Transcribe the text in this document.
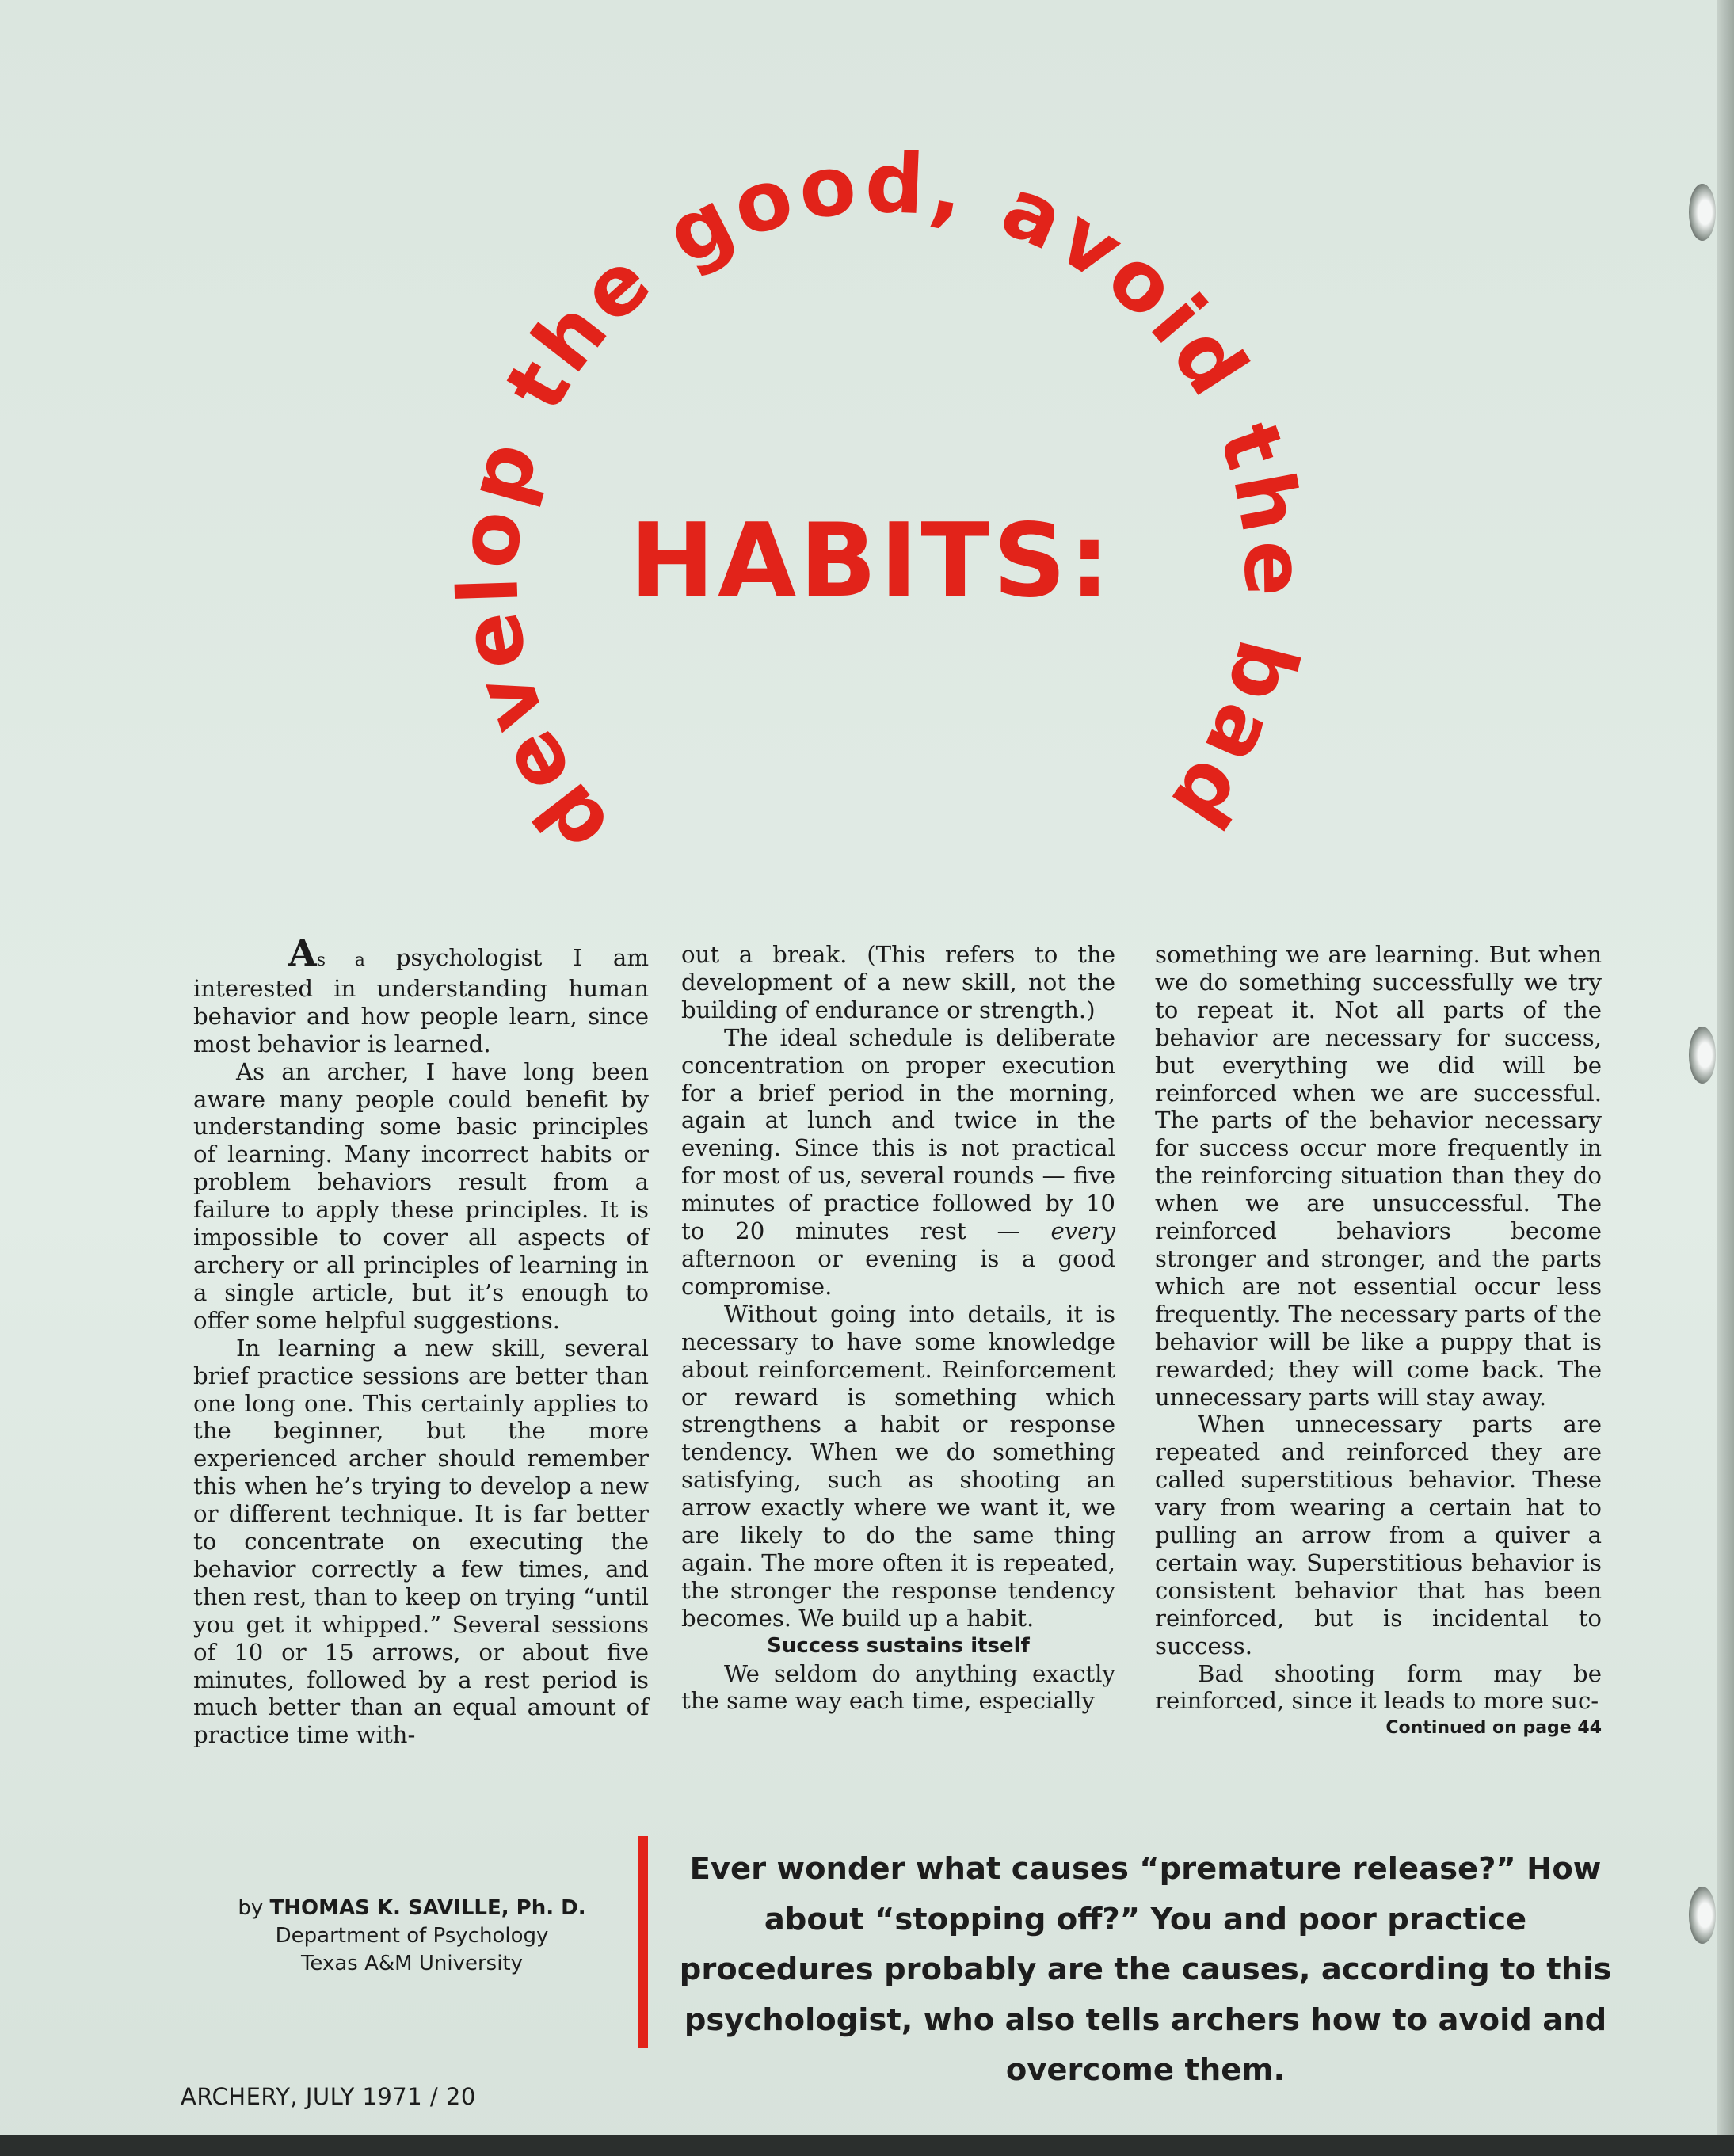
develop the good, avoid the bad
HABITS:

As a psychologist I am interested in understanding human behavior and how people learn, since most behavior is learned.

As an archer, I have long been aware many people could benefit by understanding some basic principles of learning. Many incorrect habits or problem behaviors result from a failure to apply these principles. It is impossible to cover all aspects of archery or all principles of learning in a single article, but it’s enough to offer some helpful suggestions.

In learning a new skill, several brief practice sessions are better than one long one. This certainly applies to the beginner, but the more experienced archer should remember this when he’s trying to develop a new or different technique. It is far better to concentrate on executing the behavior correctly a few times, and then rest, than to keep on trying “until you get it whipped.” Several sessions of 10 or 15 arrows, or about five minutes, followed by a rest period is much better than an equal amount of practice time with-

out a break. (This refers to the development of a new skill, not the building of endurance or strength.)

The ideal schedule is deliberate concentration on proper execution for a brief period in the morning, again at lunch and twice in the evening. Since this is not practical for most of us, several rounds — five minutes of practice followed by 10 to 20 minutes rest — every afternoon or evening is a good compromise.

Without going into details, it is necessary to have some knowledge about reinforcement. Reinforcement or reward is something which strengthens a habit or response tendency. When we do something satisfying, such as shooting an arrow exactly where we want it, we are likely to do the same thing again. The more often it is repeated, the stronger the response tendency becomes. We build up a habit.

Success sustains itself

We seldom do anything exactly the same way each time, especially

something we are learning. But when we do something successfully we try to repeat it. Not all parts of the behavior are necessary for success, but everything we did will be reinforced when we are successful. The parts of the behavior necessary for success occur more frequently in the reinforcing situation than they do when we are unsuccessful. The reinforced behaviors become stronger and stronger, and the parts which are not essential occur less frequently. The necessary parts of the behavior will be like a puppy that is rewarded; they will come back. The unnecessary parts will stay away.

When unnecessary parts are repeated and reinforced they are called superstitious behavior. These vary from wearing a certain hat to pulling an arrow from a quiver a certain way. Superstitious behavior is consistent behavior that has been reinforced, but is incidental to success.

Bad shooting form may be reinforced, since it leads to more suc-

Continued on page 44

by THOMAS K. SAVILLE, Ph. D.
Department of Psychology
Texas A&M University
Ever wonder what causes “premature release?” How about “stopping off?” You and poor practice procedures probably are the causes, according to this psychologist, who also tells archers how to avoid and overcome them.
ARCHERY, JULY 1971 / 20
